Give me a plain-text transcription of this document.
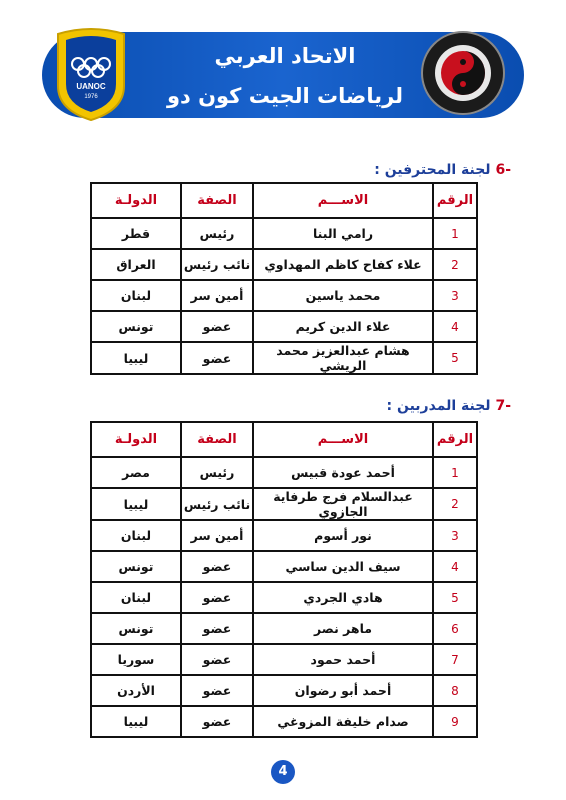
UANOC
1976
الاتحاد العربي
لرياضات الجيت كون دو
-6 لجنة المحترفين :
الرقم	الاســـم	الصفة	الدولـة
1	رامي البنا	رئيس	قطر
2	علاء كفاح كاظم المهداوي	نائب رئيس	العراق
3	محمد ياسين	أمين سر	لبنان
4	علاء الدين كريم	عضو	تونس
5	هشام عبدالعزيز محمد الريشي	عضو	ليبيا
-7 لجنة المدربين :
الرقم	الاســـم	الصفة	الدولـة
1	أحمد عودة قبيس	رئيس	مصر
2	عبدالسلام فرج طرفاية الجازوي	نائب رئيس	ليبيا
3	نور أسوم	أمين سر	لبنان
4	سيف الدين ساسي	عضو	تونس
5	هادي الجردي	عضو	لبنان
6	ماهر نصر	عضو	تونس
7	أحمد حمود	عضو	سوريا
8	أحمد أبو رضوان	عضو	الأردن
9	صدام خليفة المزوغي	عضو	ليبيا
4
